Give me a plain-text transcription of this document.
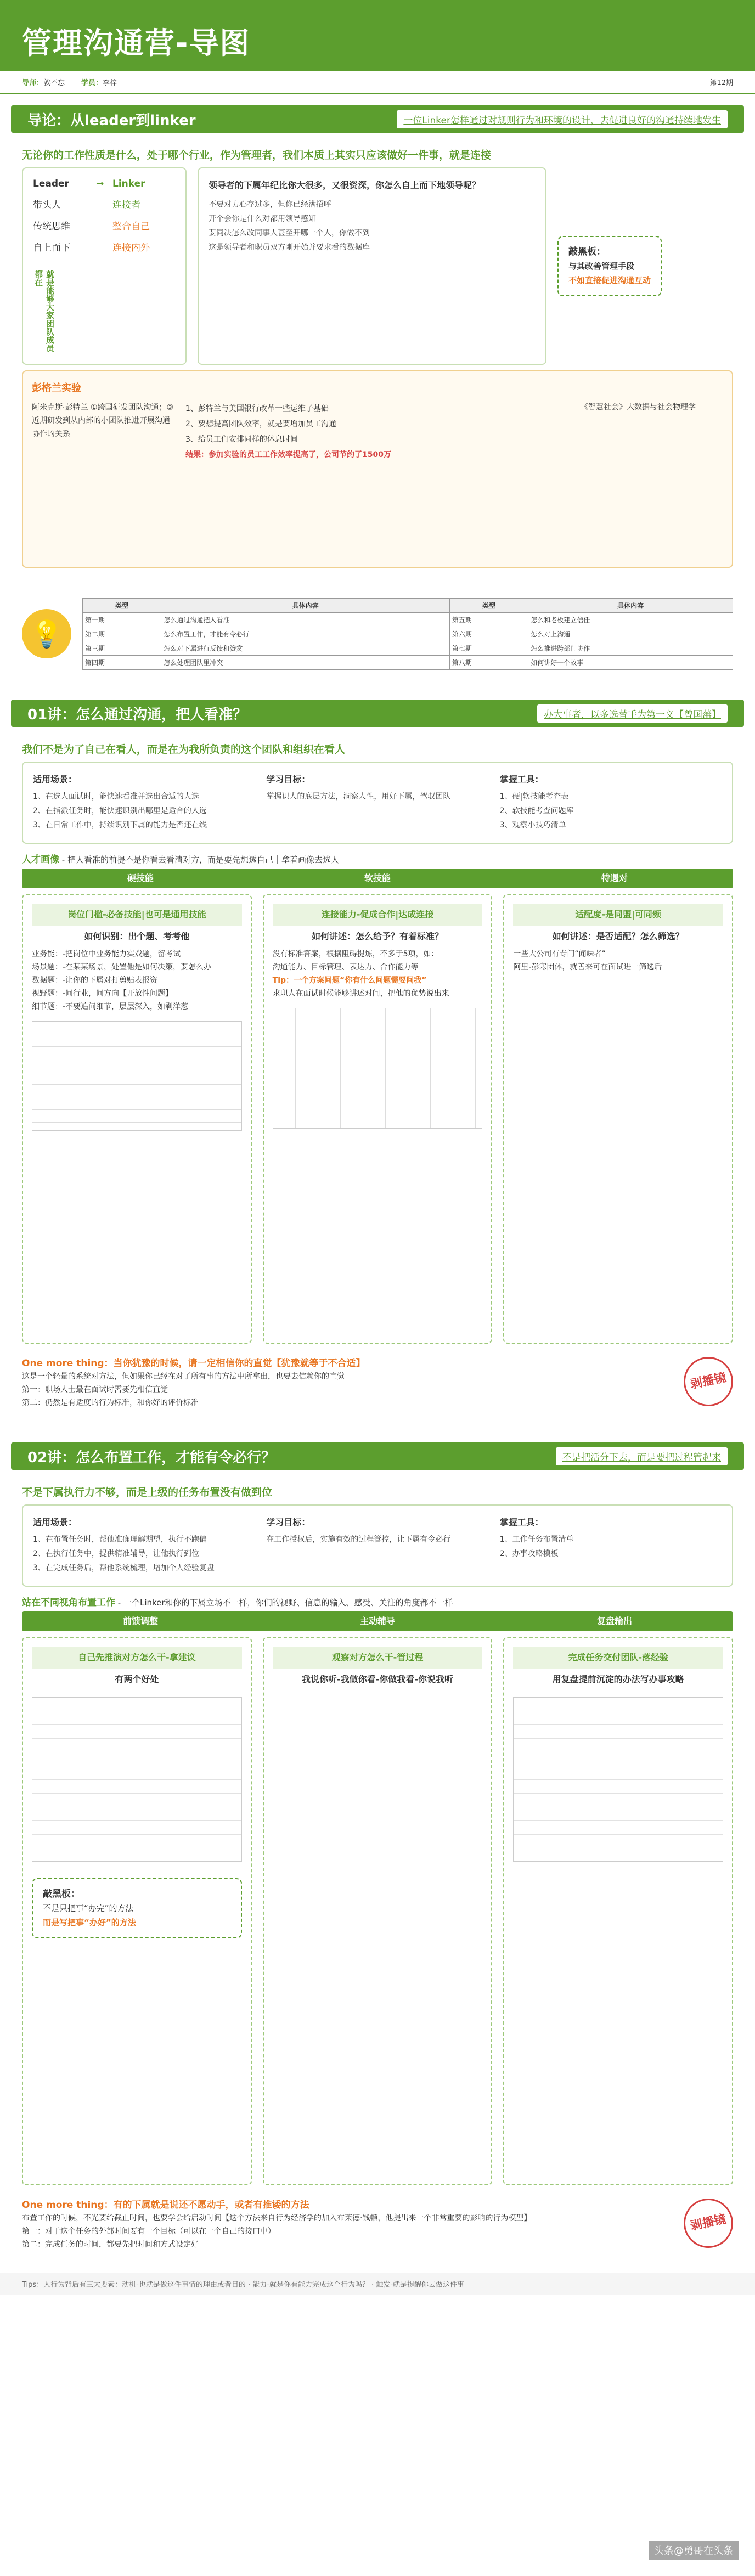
管理沟通营-导图
导师：敦不忘 学员：李梓	第12期
导论：从leader到linker	一位Linker怎样通过对规则行为和环境的设计，去促进良好的沟通持续地发生
无论你的工作性质是什么，处于哪个行业，作为管理者，我们本质上其实只应该做好一件事，就是连接
Leader	→ Linker
带头人	连接者
传统思维	整合自己
自上而下	连接内外
就是能够大家团队成员都在
领导者的下属年纪比你大很多，又很资深，你怎么自上而下地领导呢？
不要对力心存过多，但你已经满招呼
开个会你是什么对都用领导感知
要同决怎么改同事人甚至开哪一个人，你做不到
这是领导者和职员双方刚开始并要求看的数据库	敲黑板：
与其改善管理手段
不如直接促进沟通互动
彭格兰实验
阿米克斯·彭特兰 ①跨国研发团队沟通；③近期研发到从内部的小团队推进开展沟通协作的关系
1、彭特兰与美国银行改革一些运维子基础
2、要想提高团队效率，就是要增加员工沟通
3、给员工们安排同样的休息时间
结果：参加实验的员工工作效率提高了，公司节约了1500万
《智慧社会》大数据与社会物理学
💡
类型	具体内容	类型	具体内容
第一期	怎么通过沟通把人看准	第五期	怎么和老板建立信任
第二期	怎么布置工作，才能有令必行	第六期	怎么对上沟通
第三期	怎么对下属进行反馈和赞赏	第七期	怎么推进跨部门协作
第四期	怎么处理团队里冲突	第八期	如何讲好一个故事
01讲：怎么通过沟通，把人看准？	办大事者，以多选替手为第一义【曾国藩】
我们不是为了自己在看人，而是在为我所负责的这个团队和组织在看人
适用场景：
1、在选人面试时，能快速看准并选出合适的人选
2、在指派任务时，能快速识别出哪里是适合的人选
3、在日常工作中，持续识别下属的能力是否还在线
学习目标：
掌握识人的底层方法，洞察人性，用好下属，驾驭团队
掌握工具：
1、硬|软技能考查表
2、软技能考查问题库
3、观察小技巧清单
人才画像 - 把人看准的前提不是你看去看清对方，而是要先想透自己｜拿着画像去选人
硬技能	软技能	特遇对
岗位门槛-必备技能|也可是通用技能
如何识别：出个题、考考他
业务能：-把岗位中业务能力实戏题，留考试
场景题：-在某某场景，处置他是如何决策，要怎么办
数据题：-让你的下属对打剪贴表报资
视野题：-问行业，问方向【开放性问题】
细节题：-不要追问细节，层层深入，如剥洋葱
连接能力-促成合作|达成连接
如何讲述：怎么给予？有着标准？
没有标准答案，根据阻碍提炼，不多于5项，如：
沟通能力、目标管理、表达力、合作能力等
Tip：一个方案问题“你有什么问题需要问我”
求职人在面试时候能够讲述对问，把他的优势说出来
适配度-是同盟|可同频
如何讲述：是否适配？怎么筛选？
一些大公司有专门“闻味者”
阿里-彭寒团体，就善来可在面试进一筛选后
One more thing：当你犹豫的时候，请一定相信你的直觉【犹豫就等于不合适】
这是一个轻量的系统对方法，但如果你已经在对了所有事的方法中所拿出，也要去信赖你的直觉
第一：职场人士最在面试时需要先相信直觉
第二：仍然是有适度的行为标准，和你好的评价标准
剥播镜
02讲：怎么布置工作，才能有令必行？	不是把活分下去，而是要把过程管起来
不是下属执行力不够，而是上级的任务布置没有做到位
适用场景：
1、在布置任务时，帮他准确理解期望，执行不跑偏
2、在执行任务中，提供精准辅导，让他执行到位
3、在完成任务后，帮他系统梳理，增加个人经验复盘
学习目标：
在工作授权后，实施有效的过程管控，让下属有令必行
掌握工具：
1、工作任务布置清单
2、办事攻略模板
站在不同视角布置工作 - 一个Linker和你的下属立场不一样，你们的视野、信息的输入、感受、关注的角度都不一样
前馈调整	主动辅导	复盘输出
自己先推演对方怎么干-拿建议
有两个好处
敲黑板：
不是只把事“办完”的方法
而是写把事“办好”的方法
观察对方怎么干-管过程
我说你听-我做你看-你做我看-你说我听
完成任务交付团队-落经验
用复盘提前沉淀的办法写办事攻略
One more thing：有的下属就是说还不愿动手，或者有推诿的方法
布置工作的时候，不光要给截止时间，也要学会给启动时间【这个方法来自行为经济学的加入布莱德·钱顿，他提出来一个非常重要的影响的行为模型】
第一：对于这个任务的外部时间要有一个目标（可以在一个自己的接口中）
第二：完成任务的时间，都要先把时间和方式设定好
剥播镜
Tips：人行为背后有三大要素：动机-也就是做这件事情的理由或者目的 · 能力-就是你有能力完成这个行为吗？ · 触发-就是提醒你去做这件事
头条@勇哥在头条
